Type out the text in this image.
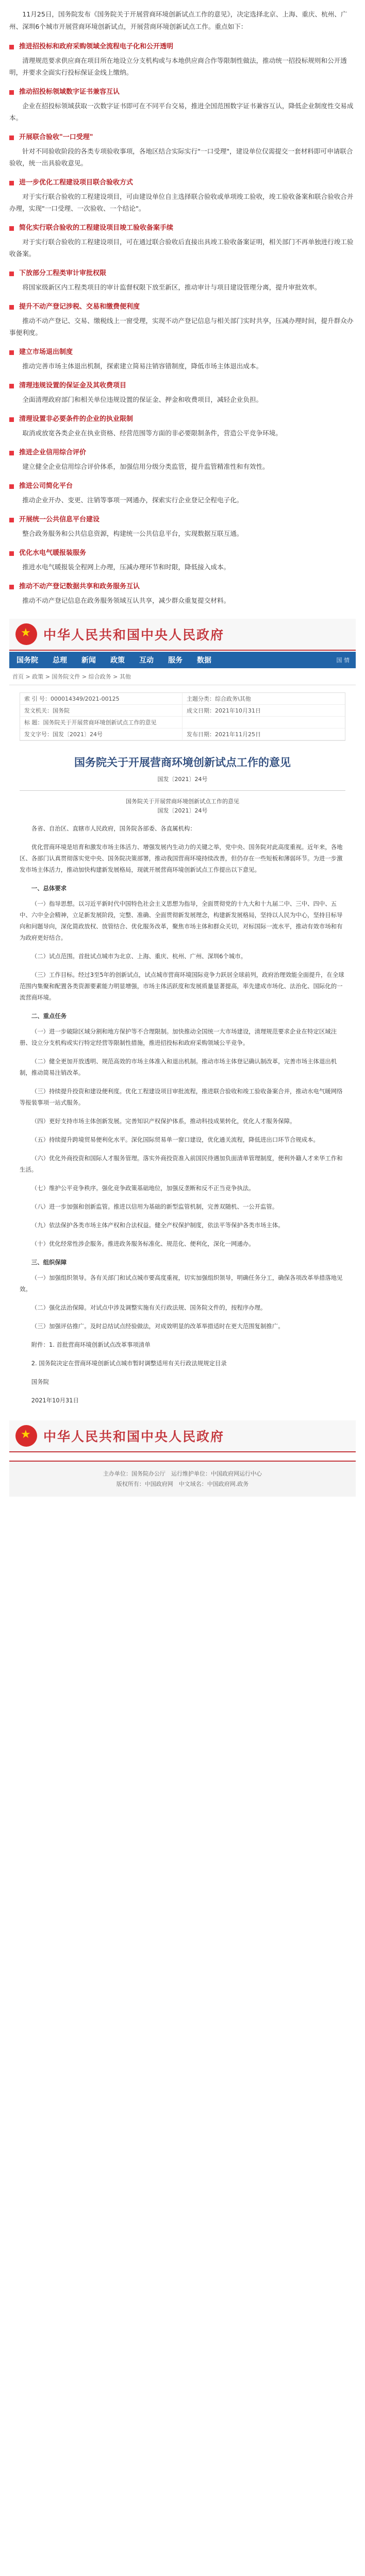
11月25日，国务院发布《国务院关于开展营商环境创新试点工作的意见》，决定选择北京、上海、重庆、杭州、广州、深圳6个城市开展营商环境创新试点，开展营商环境创新试点工作。重点如下：

推进招投标和政府采购领域全流程电子化和公开透明
清理规范要求供应商在项目所在地设立分支机构或与本地供应商合作等限制性做法，推动统一招投标规则和公开透明，并要求全面实行投标保证金线上缴纳。
推动招投标领域数字证书兼容互认
企业在招投标领域获取一次数字证书即可在不同平台交易，推进全国范围数字证书兼容互认，降低企业制度性交易成本。
开展联合验收"一口受理"
针对不同验收阶段的各类专项验收事项，各地区结合实际实行"一口受理"，建设单位仅需提交一套材料即可申请联合验收，统一出具验收意见。
进一步优化工程建设项目联合验收方式
对于实行联合验收的工程建设项目，可由建设单位自主选择联合验收或单项竣工验收，竣工验收备案和联合验收合并办理，实现"一口受理、一次验收、一个结论"。
简化实行联合验收的工程建设项目竣工验收备案手续
对于实行联合验收的工程建设项目，可在通过联合验收后直接出具竣工验收备案证明，相关部门不再单独进行竣工验收备案。
下放部分工程类审计审批权限
将国家级新区内工程类项目的审计监督权限下放至新区，推动审计与项目建设管理分离，提升审批效率。
提升不动产登记涉税、交易和缴费便利度
推动不动产登记、交易、缴税线上一窗受理，实现不动产登记信息与相关部门实时共享，压减办理时间，提升群众办事便利度。
建立市场退出制度
推动完善市场主体退出机制，探索建立简易注销容错制度，降低市场主体退出成本。
清理违规设置的保证金及其收费项目
全面清理政府部门和相关单位违规设置的保证金、押金和收费项目，减轻企业负担。
清理设置非必要条件的企业的执业限制
取消或放宽各类企业在执业资格、经营范围等方面的非必要限制条件，营造公平竞争环境。
推进企业信用综合评价
建立健全企业信用综合评价体系，加强信用分级分类监管，提升监管精准性和有效性。
推进公司简化平台
推动企业开办、变更、注销等事项一网通办，探索实行企业登记全程电子化。
开展统一公共信息平台建设
整合政务服务和公共信息资源，构建统一公共信息平台，实现数据互联互通。
优化水电气暖报装服务
推进水电气暖报装全程网上办理，压减办理环节和时限，降低接入成本。
推动不动产登记数据共享和政务服务互认
推动不动产登记信息在政务服务领域互认共享，减少群众重复提交材料。
★
中华人民共和国中央人民政府
国务院	总理	新闻	政策	互动	服务	数据	国 情
首页 > 政策 > 国务院文件 > 综合政务 > 其他
索 引 号：000014349/2021-00125	主题分类：综合政务\其他
发文机关：国务院	成文日期：2021年10月31日
标 题：国务院关于开展营商环境创新试点工作的意见
发文字号：国发〔2021〕24号	发布日期：2021年11月25日
国务院关于开展营商环境创新试点工作的意见
国发〔2021〕24号
国务院关于开展营商环境创新试点工作的意见
国发〔2021〕24号

各省、自治区、直辖市人民政府，国务院各部委、各直属机构：

优化营商环境是培育和激发市场主体活力、增强发展内生动力的关键之举，党中央、国务院对此高度重视。近年来，各地区、各部门认真贯彻落实党中央、国务院决策部署，推动我国营商环境持续改善，但仍存在一些短板和薄弱环节。为进一步激发市场主体活力，推动加快构建新发展格局，现就开展营商环境创新试点工作提出以下意见。

一、总体要求

（一）指导思想。以习近平新时代中国特色社会主义思想为指导，全面贯彻党的十九大和十九届二中、三中、四中、五中、六中全会精神，立足新发展阶段，完整、准确、全面贯彻新发展理念，构建新发展格局，坚持以人民为中心，坚持目标导向和问题导向，深化简政放权、放管结合、优化服务改革，聚焦市场主体和群众关切，对标国际一流水平，推动有效市场和有为政府更好结合。

（二）试点范围。首批试点城市为北京、上海、重庆、杭州、广州、深圳6个城市。

（三）工作目标。经过3至5年的创新试点，试点城市营商环境国际竞争力跃居全球前列，政府治理效能全面提升，在全球范围内集聚和配置各类资源要素能力明显增强，市场主体活跃度和发展质量显著提高，率先建成市场化、法治化、国际化的一流营商环境。

二、重点任务

（一）进一步破除区域分割和地方保护等不合理限制。加快推动全国统一大市场建设，清理规范要求企业在特定区域注册、设立分支机构或实行特定经营等限制性措施，推进招投标和政府采购领域公平竞争。

（二）健全更加开放透明、规范高效的市场主体准入和退出机制。推动市场主体登记确认制改革，完善市场主体退出机制，推动简易注销改革。

（三）持续提升投资和建设便利度。优化工程建设项目审批流程，推进联合验收和竣工验收备案合并，推动水电气暖网络等报装事项一站式服务。

（四）更好支持市场主体创新发展。完善知识产权保护体系，推动科技成果转化，优化人才服务保障。

（五）持续提升跨境贸易便利化水平。深化国际贸易单一窗口建设，优化通关流程，降低进出口环节合规成本。

（六）优化外商投资和国际人才服务管理。落实外商投资准入前国民待遇加负面清单管理制度，便利外籍人才来华工作和生活。

（七）维护公平竞争秩序。强化竞争政策基础地位，加强反垄断和反不正当竞争执法。

（八）进一步加强和创新监管。推进以信用为基础的新型监管机制，完善双随机、一公开监管。

（九）依法保护各类市场主体产权和合法权益。健全产权保护制度，依法平等保护各类市场主体。

（十）优化经常性涉企服务。推进政务服务标准化、规范化、便利化，深化一网通办。

三、组织保障

（一）加强组织领导。各有关部门和试点城市要高度重视，切实加强组织领导，明确任务分工，确保各项改革举措落地见效。

（二）强化法治保障。对试点中涉及调整实施有关行政法规、国务院文件的，按程序办理。

（三）加强评估推广。及时总结试点经验做法，对成效明显的改革举措适时在更大范围复制推广。

附件：1. 首批营商环境创新试点改革事项清单

2. 国务院决定在营商环境创新试点城市暂时调整适用有关行政法规规定目录

国务院

2021年10月31日

★
中华人民共和国中央人民政府
主办单位：国务院办公厅　运行维护单位：中国政府网运行中心
版权所有：中国政府网　中文域名：中国政府网.政务
